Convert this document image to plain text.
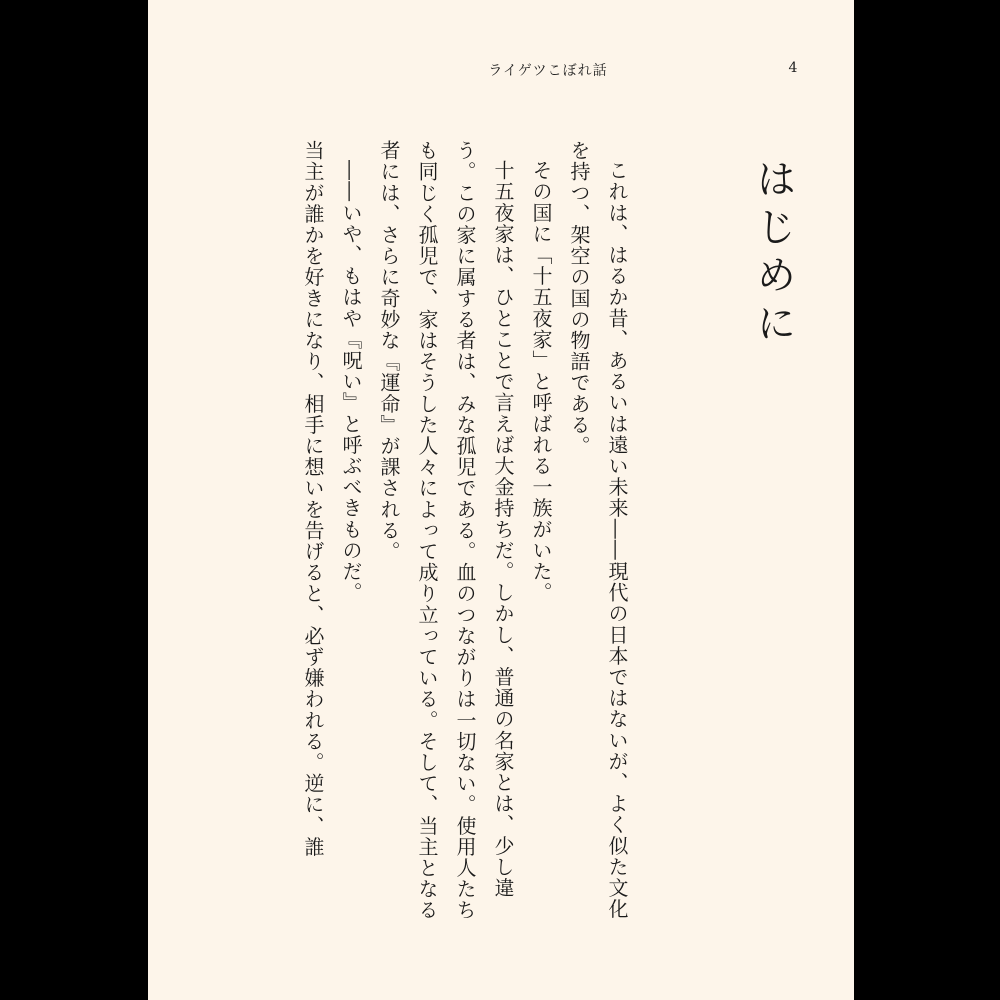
ライゲツこぼれ話	4
はじめに

これは、はるか昔、あるいは遠い未来――現代の日本ではないが、よく似た文化を持つ、架空の国の物語である。

その国に「十五夜家」と呼ばれる一族がいた。

十五夜家は、ひとことで言えば大金持ちだ。しかし、普通の名家とは、少し違う。この家に属する者は、みな孤児である。血のつながりは一切ない。使用人たちも同じく孤児で、家はそうした人々によって成り立っている。そして、当主となる者には、さらに奇妙な『運命』が課される。

――いや、もはや『呪い』と呼ぶべきものだ。

当主が誰かを好きになり、相手に想いを告げると、必ず嫌われる。逆に、誰
